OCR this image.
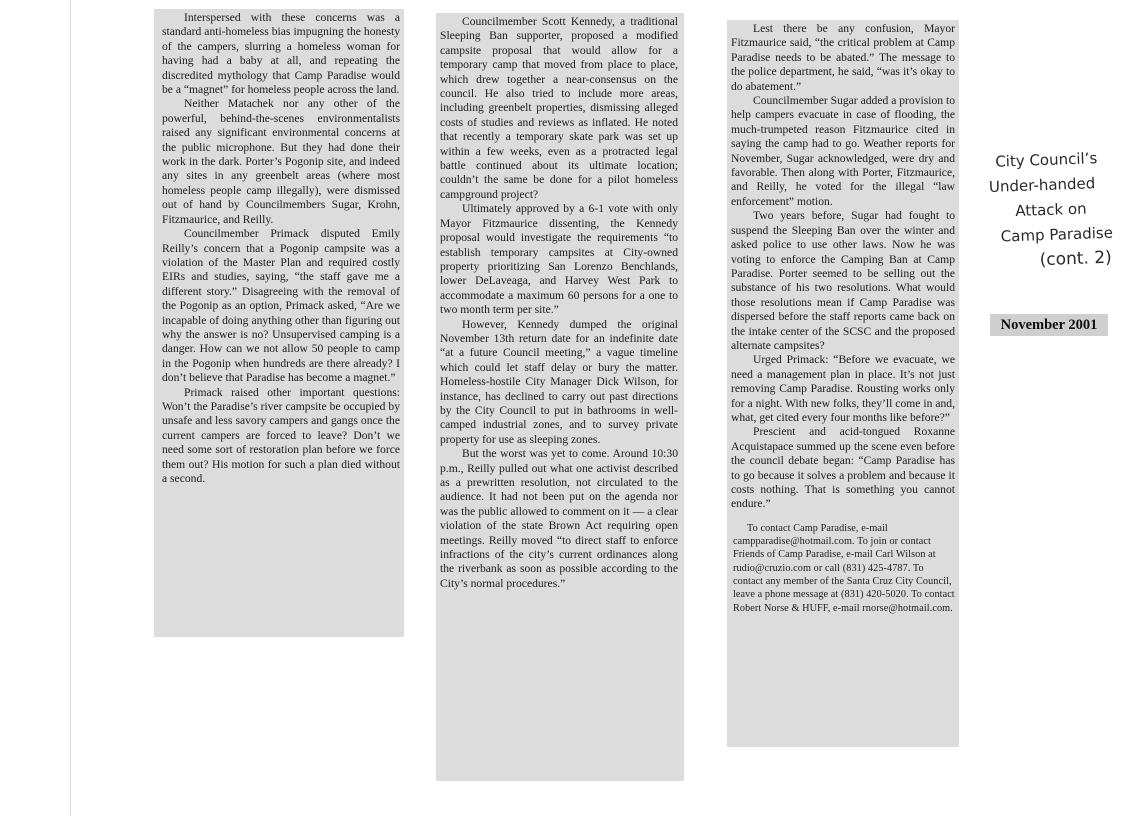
Interspersed with these concerns was a standard anti-homeless bias impugning the honesty of the campers, slurring a homeless woman for having had a baby at all, and repeating the discredited mythology that Camp Paradise would be a “magnet” for homeless people across the land.

Neither Matachek nor any other of the powerful, behind-the-scenes environmentalists raised any significant environmental concerns at the public microphone. But they had done their work in the dark. Porter’s Pogonip site, and indeed any sites in any greenbelt areas (where most homeless people camp illegally), were dismissed out of hand by Councilmembers Sugar, Krohn, Fitzmaurice, and Reilly.

Councilmember Primack disputed Emily Reilly’s concern that a Pogonip campsite was a violation of the Master Plan and required costly EIRs and studies, saying, “the staff gave me a different story.” Disagreeing with the removal of the Pogonip as an option, Primack asked, “Are we incapable of doing anything other than figuring out why the answer is no? Unsupervised camping is a danger. How can we not allow 50 people to camp in the Pogonip when hundreds are there already? I don’t believe that Paradise has become a magnet.”

Primack raised other important questions: Won’t the Paradise’s river campsite be occupied by unsafe and less savory campers and gangs once the current campers are forced to leave? Don’t we need some sort of restoration plan before we force them out? His motion for such a plan died without a second.

Councilmember Scott Kennedy, a traditional Sleeping Ban supporter, proposed a modified campsite proposal that would allow for a temporary camp that moved from place to place, which drew together a near-consensus on the council. He also tried to include more areas, including greenbelt properties, dismissing alleged costs of studies and reviews as inflated. He noted that recently a temporary skate park was set up within a few weeks, even as a protracted legal battle continued about its ultimate location; couldn’t the same be done for a pilot homeless campground project?

Ultimately approved by a 6-1 vote with only Mayor Fitzmaurice dissenting, the Kennedy proposal would investigate the requirements “to establish temporary campsites at City-owned property prioritizing San Lorenzo Benchlands, lower DeLaveaga, and Harvey West Park to accommodate a maximum 60 persons for a one to two month term per site.”

However, Kennedy dumped the original November 13th return date for an indefinite date “at a future Council meeting,” a vague timeline which could let staff delay or bury the matter. Homeless-hostile City Manager Dick Wilson, for instance, has declined to carry out past directions by the City Council to put in bathrooms in well-camped industrial zones, and to survey private property for use as sleeping zones.

But the worst was yet to come. Around 10:30 p.m., Reilly pulled out what one activist described as a prewritten resolution, not circulated to the audience. It had not been put on the agenda nor was the public allowed to comment on it — a clear violation of the state Brown Act requiring open meetings. Reilly moved “to direct staff to enforce infractions of the city’s current ordinances along the riverbank as soon as possible according to the City’s normal procedures.”

Lest there be any confusion, Mayor Fitzmaurice said, “the critical problem at Camp Paradise needs to be abated.” The message to the police department, he said, “was it’s okay to do abatement.”

Councilmember Sugar added a provision to help campers evacuate in case of flooding, the much-trumpeted reason Fitzmaurice cited in saying the camp had to go. Weather reports for November, Sugar acknowledged, were dry and favorable. Then along with Porter, Fitzmaurice, and Reilly, he voted for the illegal “law enforcement” motion.

Two years before, Sugar had fought to suspend the Sleeping Ban over the winter and asked police to use other laws. Now he was voting to enforce the Camping Ban at Camp Paradise. Porter seemed to be selling out the substance of his two resolutions. What would those resolutions mean if Camp Paradise was dispersed before the staff reports came back on the intake center of the SCSC and the proposed alternate campsites?

Urged Primack: “Before we evacuate, we need a management plan in place. It’s not just removing Camp Paradise. Rousting works only for a night. With new folks, they’ll come in and, what, get cited every four months like before?”

Prescient and acid-tongued Roxanne Acquistapace summed up the scene even before the council debate began: “Camp Paradise has to go because it solves a problem and because it costs nothing. That is something you cannot endure.”

To contact Camp Paradise, e-mail campparadise@hotmail.com. To join or contact Friends of Camp Paradise, e-mail Carl Wilson at rudio@cruzio.com or call (831) 425-4787. To contact any member of the Santa Cruz City Council, leave a phone message at (831) 420-5020. To contact Robert Norse & HUFF, e-mail rnorse@hotmail.com.

City Council’s
Under-handed
Attack on
Camp Paradise
(cont. 2)
November 2001
